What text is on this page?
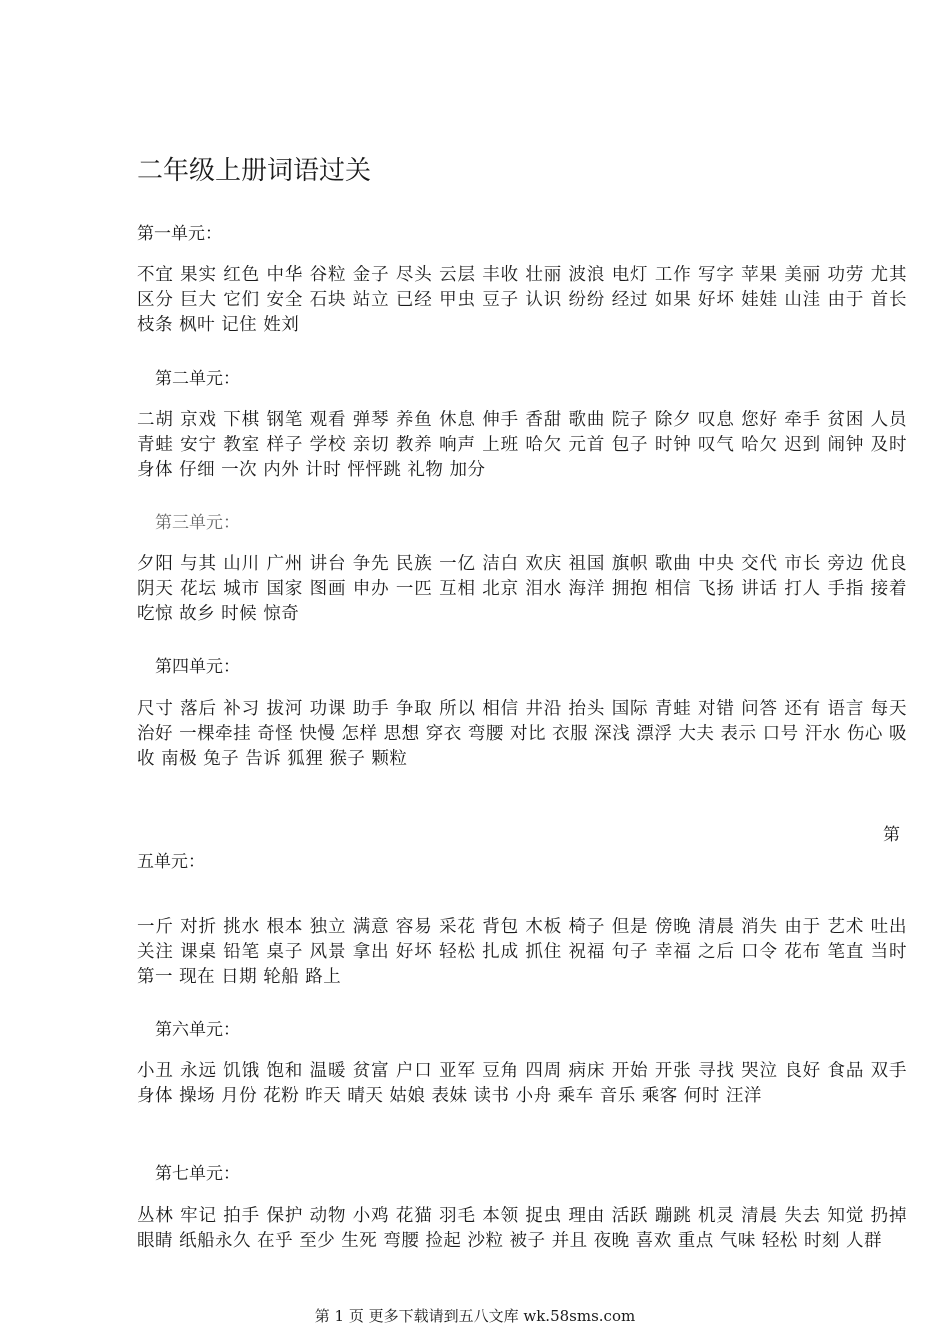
二年级上册词语过关
第一单元：
不宜 果实 红色 中华 谷粒 金子 尽头 云层 丰收 壮丽 波浪 电灯 工作 写字 苹果 美丽 功劳 尤其 区分 巨大 它们 安全 石块 站立 已经 甲虫 豆子 认识 纷纷 经过 如果 好坏 娃娃 山洼 由于 首长 枝条 枫叶 记住 姓刘
第二单元：
二胡 京戏 下棋 钢笔 观看 弹琴 养鱼 休息 伸手 香甜 歌曲 院子 除夕 叹息 您好 牵手 贫困 人员 青蛙 安宁 教室 样子 学校 亲切 教养 响声 上班 哈欠 元首 包子 时钟 叹气 哈欠 迟到 闹钟 及时 身体 仔细 一次 内外 计时 怦怦跳 礼物 加分
第三单元：
夕阳 与其 山川 广州 讲台 争先 民族 一亿 洁白 欢庆 祖国 旗帜 歌曲 中央 交代 市长 旁边 优良 阴天 花坛 城市 国家 图画 申办 一匹 互相 北京 泪水 海洋 拥抱 相信 飞扬 讲话 打人 手指 接着 吃惊 故乡 时候 惊奇
第四单元：
尺寸 落后 补习 拔河 功课 助手 争取 所以 相信 井沿 抬头 国际 青蛙 对错 问答 还有 语言 每天 治好 一棵牵挂 奇怪 快慢 怎样 思想 穿衣 弯腰 对比 衣服 深浅 漂浮 大夫 表示 口号 汗水 伤心 吸收 南极 兔子 告诉 狐狸 猴子 颗粒
第
五单元：
一斤 对折 挑水 根本 独立 满意 容易 采花 背包 木板 椅子 但是 傍晚 清晨 消失 由于 艺术 吐出 关注 课桌 铅笔 桌子 风景 拿出 好坏 轻松 扎成 抓住 祝福 句子 幸福 之后 口令 花布 笔直 当时 第一 现在 日期 轮船 路上
第六单元：
小丑 永远 饥饿 饱和 温暖 贫富 户口 亚军 豆角 四周 病床 开始 开张 寻找 哭泣 良好 食品 双手 身体 操场 月份 花粉 昨天 晴天 姑娘 表妹 读书 小舟 乘车 音乐 乘客 何时 汪洋
第七单元：
丛林 牢记 拍手 保护 动物 小鸡 花猫 羽毛 本领 捉虫 理由 活跃 蹦跳 机灵 清晨 失去 知觉 扔掉 眼睛 纸船永久 在乎 至少 生死 弯腰 捡起 沙粒 被子 并且 夜晚 喜欢 重点 气味 轻松 时刻 人群
第 1 页 更多下载请到五八文库 wk.58sms.com
